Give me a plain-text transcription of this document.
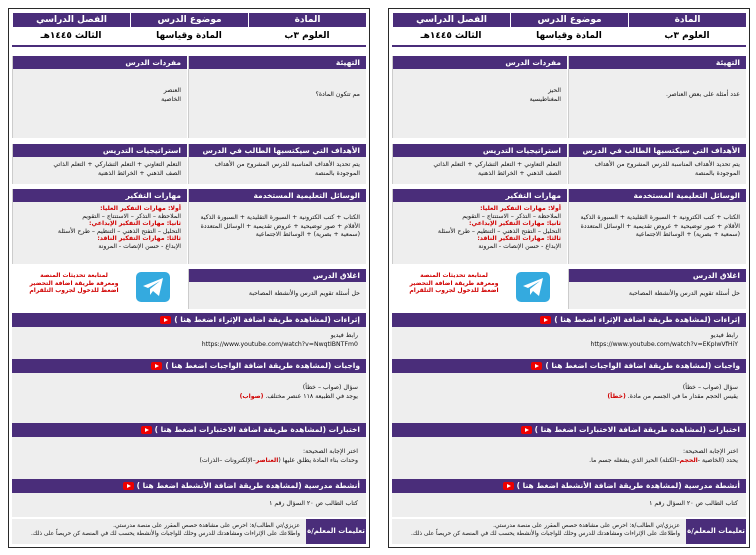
المادة
العلوم ٣ب
موضوع الدرس
المادة وقياسها
الفصل الدراسي
الثالث ١٤٤٥هـ
التهيئة
عدد أمثلة على بعض العناصر.
مفردات الدرس
الحيز
المغناطيسية
الأهداف التي سيكتسبها الطالب في الدرس
يتم تحديد الأهداف المناسبة للدرس المشروح من الأهداف الموجودة بالمنصة
استراتيجيات التدريس
التعلم التعاوني + التعلم التشاركي + التعلم الذاتي
الصف الذهني + الخرائط الذهنية
الوسائل التعليمية المستخدمة
الكتاب + كتب الكترونية + السبورة التقليدية + السبورة الذكية
الأقلام + صور توضيحية + عروض تقديمية + الوسائل المتعددة
(سمعية + بصرية) + الوسائط الاجتماعية
مهارات التفكير
أولا: مهارات التفكير العليا:
الملاحظة – التذكر – الاستنتاج – التقويم
ثانيا: مهارات التفكير الإبداعي:
التحليل – التفتح الذهني – التنظيم – طرح الأسئلة
ثالثا: مهارات التفكير الناقد:
الإبداع - حسن الإنصات - المرونة
اغلاق الدرس
حل أسئلة تقويم الدرس والأنشطة المصاحبة
لمتابعة تحديثات المنصة
ومعرفة طريقة اضافة التحضير
اضغط للدخول لجروب التلقرام
إثراءات (لمشاهدة طريقة اضافة الإثراء اضغط هنا )
رابط فيديو
https://www.youtube.com/watch?v=EKpIwVfHiY
واجبات (لمشاهدة طريقة اضافة الواجبات اضغط هنا )
سؤال (صواب – خطأ)
يقيس الحجم مقدار ما في الجسم من مادة. (خطأ)
اختبارات (لمشاهدة طريقة اضافة الاختبارات اضغط هنا )
اختر الإجابة الصحيحة:
يحدد (الخاصية -الحجم–الكتلة) الحيز الذي يشغله جسم ما.
أنشطة مدرسية (لمشاهدة طريقة اضافة الأنشطة اضغط هنا )
كتاب الطالب ص ٢٠ السؤال رقم ١
تعليمات المعلم/ة
عزيزي/تي الطالب/ة: احرص على مشاهدة حصص المقرر على منصة مدرستي.
واطلاعك على الإثراءات ومشاهدتك للدرس وحلك للواجبات والأنشطة يحسب لك في المنصة كن حريصاً على ذلك.
المادة
العلوم ٣ب
موضوع الدرس
المادة وقياسها
الفصل الدراسي
الثالث ١٤٤٥هـ
التهيئة
مم تتكون المادة؟
مفردات الدرس
العنصر
الخاصية
الأهداف التي سيكتسبها الطالب في الدرس
يتم تحديد الأهداف المناسبة للدرس المشروح من الأهداف الموجودة بالمنصة
استراتيجيات التدريس
التعلم التعاوني + التعلم التشاركي + التعلم الذاتي
الصف الذهني + الخرائط الذهنية
الوسائل التعليمية المستخدمة
الكتاب + كتب الكترونية + السبورة التقليدية + السبورة الذكية
الأقلام + صور توضيحية + عروض تقديمية + الوسائل المتعددة
(سمعية + بصرية) + الوسائط الاجتماعية
مهارات التفكير
أولا: مهارات التفكير العليا:
الملاحظة – التذكر – الاستنتاج – التقويم
ثانيا: مهارات التفكير الإبداعي:
التحليل – التفتح الذهني – التنظيم – طرح الأسئلة
ثالثا: مهارات التفكير الناقد:
الإبداع - حسن الإنصات - المرونة
اغلاق الدرس
حل أسئلة تقويم الدرس والأنشطة المصاحبة
لمتابعة تحديثات المنصة
ومعرفة طريقة اضافة التحضير
اضغط للدخول لجروب التلقرام
إثراءات (لمشاهدة طريقة اضافة الإثراء اضغط هنا )
رابط فيديو
https://www.youtube.com/watch?v=NwqtIBNTFm0
واجبات (لمشاهدة طريقة اضافة الواجبات اضغط هنا )
سؤال (صواب – خطأ)
يوجد في الطبيعة ١١٨ عنصر مختلف. (صواب)
اختبارات (لمشاهدة طريقة اضافة الاختبارات اضغط هنا )
اختر الإجابة الصحيحة:
وحدات بناء المادة يطلق عليها (العناصر–الإلكترونات –الذرات)
أنشطة مدرسية (لمشاهدة طريقة اضافة الأنشطة اضغط هنا )
كتاب الطالب ص ٢٠ السؤال رقم ١
تعليمات المعلم/ة
عزيزي/تي الطالب/ة: احرص على مشاهدة حصص المقرر على منصة مدرستي.
واطلاعك على الإثراءات ومشاهدتك للدرس وحلك للواجبات والأنشطة يحسب لك في المنصة كن حريصاً على ذلك.
